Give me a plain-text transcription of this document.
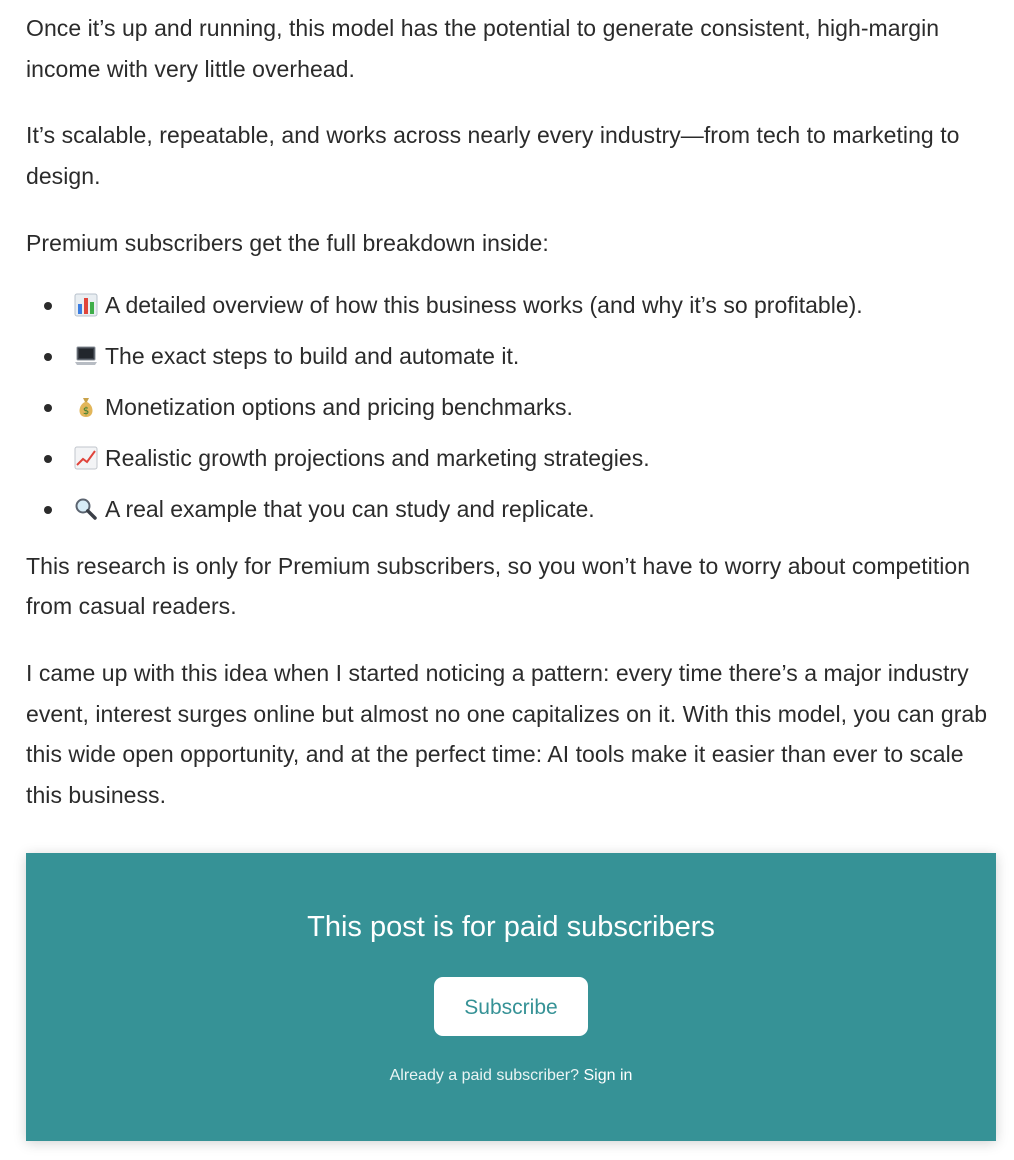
Once it’s up and running, this model has the potential to generate consistent, high-margin income with very little overhead.

It’s scalable, repeatable, and works across nearly every industry—from tech to marketing to design.

Premium subscribers get the full breakdown inside:

A detailed overview of how this business works (and why it’s so profitable).
The exact steps to build and automate it.
$ Monetization options and pricing benchmarks.
Realistic growth projections and marketing strategies.
A real example that you can study and replicate.

This research is only for Premium subscribers, so you won’t have to worry about competition from casual readers.

I came up with this idea when I started noticing a pattern: every time there’s a major industry event, interest surges online but almost no one capitalizes on it. With this model, you can grab this wide open opportunity, and at the perfect time: AI tools make it easier than ever to scale this business.

This post is for paid subscribers
Subscribe
Already a paid subscriber? Sign in
